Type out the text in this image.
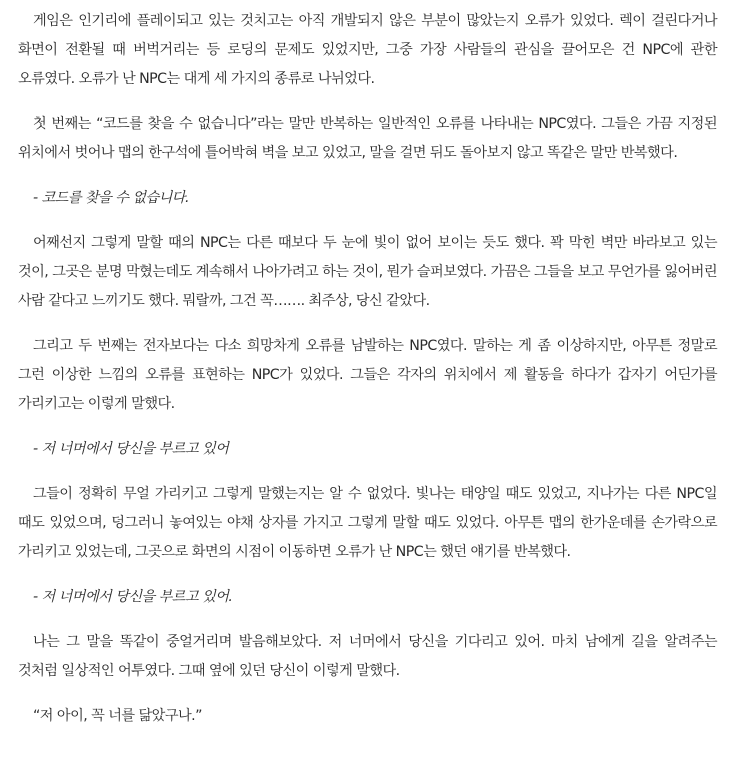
게임은 인기리에 플레이되고 있는 것치고는 아직 개발되지 않은 부분이 많았는지 오류가 있었다. 렉이 걸린다거나 화면이 전환될 때 버벅거리는 등 로딩의 문제도 있었지만, 그중 가장 사람들의 관심을 끌어모은 건 NPC에 관한 오류였다. 오류가 난 NPC는 대게 세 가지의 종류로 나뉘었다.

첫 번째는 “코드를 찾을 수 없습니다”라는 말만 반복하는 일반적인 오류를 나타내는 NPC였다. 그들은 가끔 지정된 위치에서 벗어나 맵의 한구석에 틀어박혀 벽을 보고 있었고, 말을 걸면 뒤도 돌아보지 않고 똑같은 말만 반복했다.

- 코드를 찾을 수 없습니다.

어째선지 그렇게 말할 때의 NPC는 다른 때보다 두 눈에 빛이 없어 보이는 듯도 했다. 꽉 막힌 벽만 바라보고 있는 것이, 그곳은 분명 막혔는데도 계속해서 나아가려고 하는 것이, 뭔가 슬퍼보였다. 가끔은 그들을 보고 무언가를 잃어버린 사람 같다고 느끼기도 했다. 뭐랄까, 그건 꼭……. 최주상, 당신 같았다.

그리고 두 번째는 전자보다는 다소 희망차게 오류를 남발하는 NPC였다. 말하는 게 좀 이상하지만, 아무튼 정말로 그런 이상한 느낌의 오류를 표현하는 NPC가 있었다. 그들은 각자의 위치에서 제 활동을 하다가 갑자기 어딘가를 가리키고는 이렇게 말했다.

- 저 너머에서 당신을 부르고 있어

그들이 정확히 무얼 가리키고 그렇게 말했는지는 알 수 없었다. 빛나는 태양일 때도 있었고, 지나가는 다른 NPC일 때도 있었으며, 덩그러니 놓여있는 야채 상자를 가지고 그렇게 말할 때도 있었다. 아무튼 맵의 한가운데를 손가락으로 가리키고 있었는데, 그곳으로 화면의 시점이 이동하면 오류가 난 NPC는 했던 얘기를 반복했다.

- 저 너머에서 당신을 부르고 있어.

나는 그 말을 똑같이 중얼거리며 발음해보았다. 저 너머에서 당신을 기다리고 있어. 마치 남에게 길을 알려주는 것처럼 일상적인 어투였다. 그때 옆에 있던 당신이 이렇게 말했다.

“저 아이, 꼭 너를 닮았구나.”
